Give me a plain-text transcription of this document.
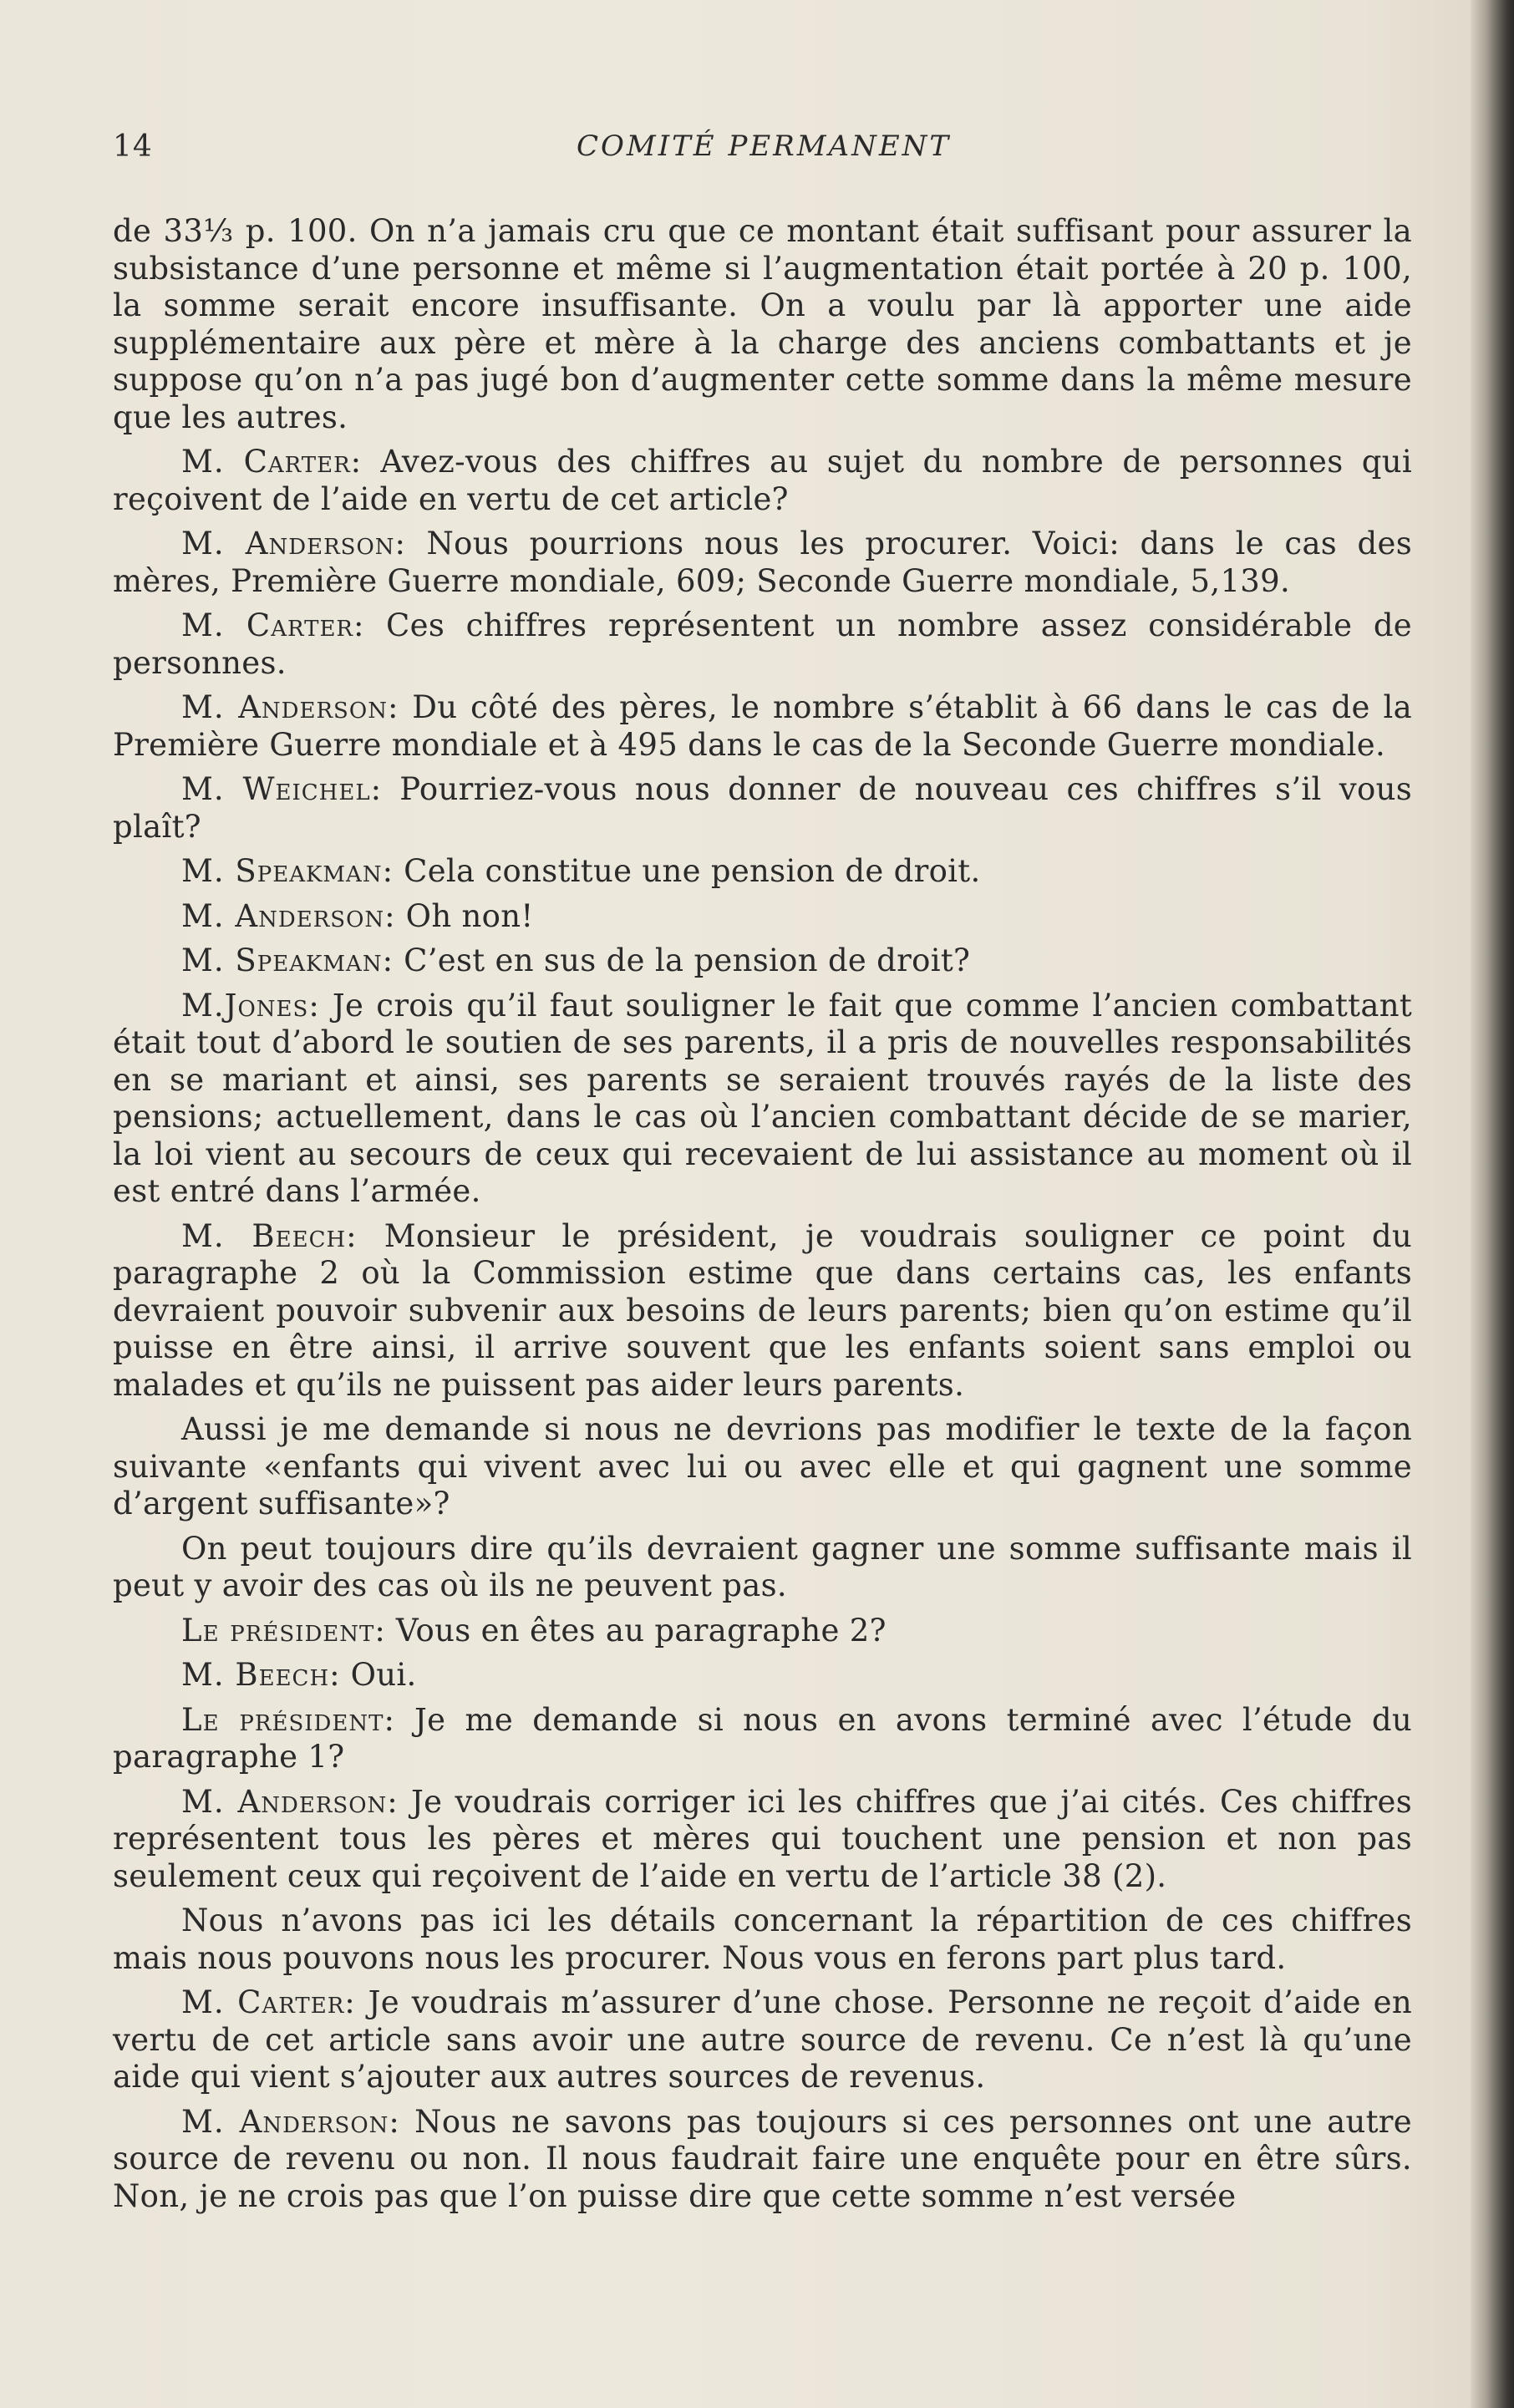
14	COMITÉ PERMANENT

de 33⅓ p. 100. On n’a jamais cru que ce montant était suffisant pour assurer la subsistance d’une personne et même si l’augmentation était portée à 20 p. 100, la somme serait encore insuffisante. On a voulu par là apporter une aide supplémentaire aux père et mère à la charge des anciens combattants et je suppose qu’on n’a pas jugé bon d’augmenter cette somme dans la même mesure que les autres.

M. Carter: Avez-vous des chiffres au sujet du nombre de personnes qui reçoivent de l’aide en vertu de cet article?

M. Anderson: Nous pourrions nous les procurer. Voici: dans le cas des mères, Première Guerre mondiale, 609; Seconde Guerre mondiale, 5,139.

M. Carter: Ces chiffres représentent un nombre assez considérable de personnes.

M. Anderson: Du côté des pères, le nombre s’établit à 66 dans le cas de la Première Guerre mondiale et à 495 dans le cas de la Seconde Guerre mondiale.

M. Weichel: Pourriez-vous nous donner de nouveau ces chiffres s’il vous plaît?

M. Speakman: Cela constitue une pension de droit.

M. Anderson: Oh non!

M. Speakman: C’est en sus de la pension de droit?

M.Jones: Je crois qu’il faut souligner le fait que comme l’ancien combattant était tout d’abord le soutien de ses parents, il a pris de nouvelles responsabilités en se mariant et ainsi, ses parents se seraient trouvés rayés de la liste des pensions; actuellement, dans le cas où l’ancien combattant décide de se marier, la loi vient au secours de ceux qui recevaient de lui assistance au moment où il est entré dans l’armée.

M. Beech: Monsieur le président, je voudrais souligner ce point du paragraphe 2 où la Commission estime que dans certains cas, les enfants devraient pouvoir subvenir aux besoins de leurs parents; bien qu’on estime qu’il puisse en être ainsi, il arrive souvent que les enfants soient sans emploi ou malades et qu’ils ne puissent pas aider leurs parents.

Aussi je me demande si nous ne devrions pas modifier le texte de la façon suivante «enfants qui vivent avec lui ou avec elle et qui gagnent une somme d’argent suffisante»?

On peut toujours dire qu’ils devraient gagner une somme suffisante mais il peut y avoir des cas où ils ne peuvent pas.

Le président: Vous en êtes au paragraphe 2?

M. Beech: Oui.

Le président: Je me demande si nous en avons terminé avec l’étude du paragraphe 1?

M. Anderson: Je voudrais corriger ici les chiffres que j’ai cités. Ces chiffres représentent tous les pères et mères qui touchent une pension et non pas seulement ceux qui reçoivent de l’aide en vertu de l’article 38 (2).

Nous n’avons pas ici les détails concernant la répartition de ces chiffres mais nous pouvons nous les procurer. Nous vous en ferons part plus tard.

M. Carter: Je voudrais m’assurer d’une chose. Personne ne reçoit d’aide en vertu de cet article sans avoir une autre source de revenu. Ce n’est là qu’une aide qui vient s’ajouter aux autres sources de revenus.

M. Anderson: Nous ne savons pas toujours si ces personnes ont une autre source de revenu ou non. Il nous faudrait faire une enquête pour en être sûrs. Non, je ne crois pas que l’on puisse dire que cette somme n’est versée
